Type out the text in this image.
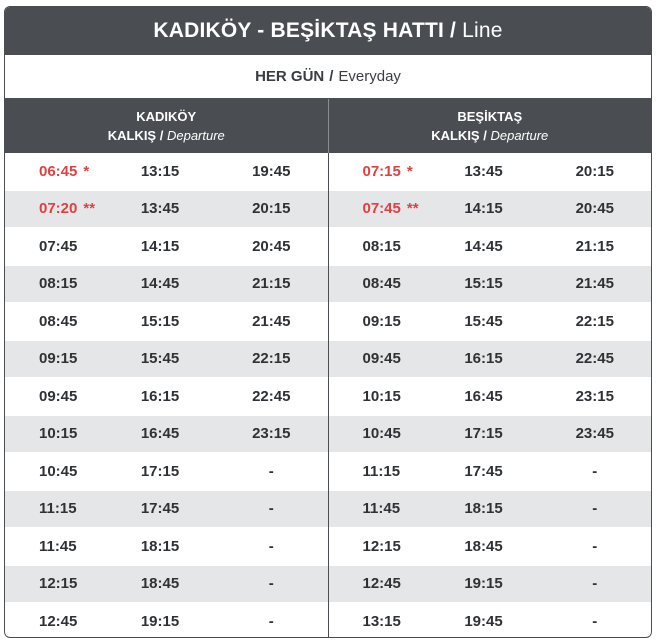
KADIKÖY - BEŞİKTAŞ HATTI / Line
HER GÜN / Everyday
KADIKÖY
KALKIŞ / Departure
BEŞİKTAŞ
KALKIŞ / Departure
06:45 *	13:15	19:45
07:20 **	13:45	20:15
07:45	14:15	20:45
08:15	14:45	21:15
08:45	15:15	21:45
09:15	15:45	22:15
09:45	16:15	22:45
10:15	16:45	23:15
10:45	17:15	-
11:15	17:45	-
11:45	18:15	-
12:15	18:45	-
12:45	19:15	-
07:15 *	13:45	20:15
07:45 **	14:15	20:45
08:15	14:45	21:15
08:45	15:15	21:45
09:15	15:45	22:15
09:45	16:15	22:45
10:15	16:45	23:15
10:45	17:15	23:45
11:15	17:45	-
11:45	18:15	-
12:15	18:45	-
12:45	19:15	-
13:15	19:45	-
